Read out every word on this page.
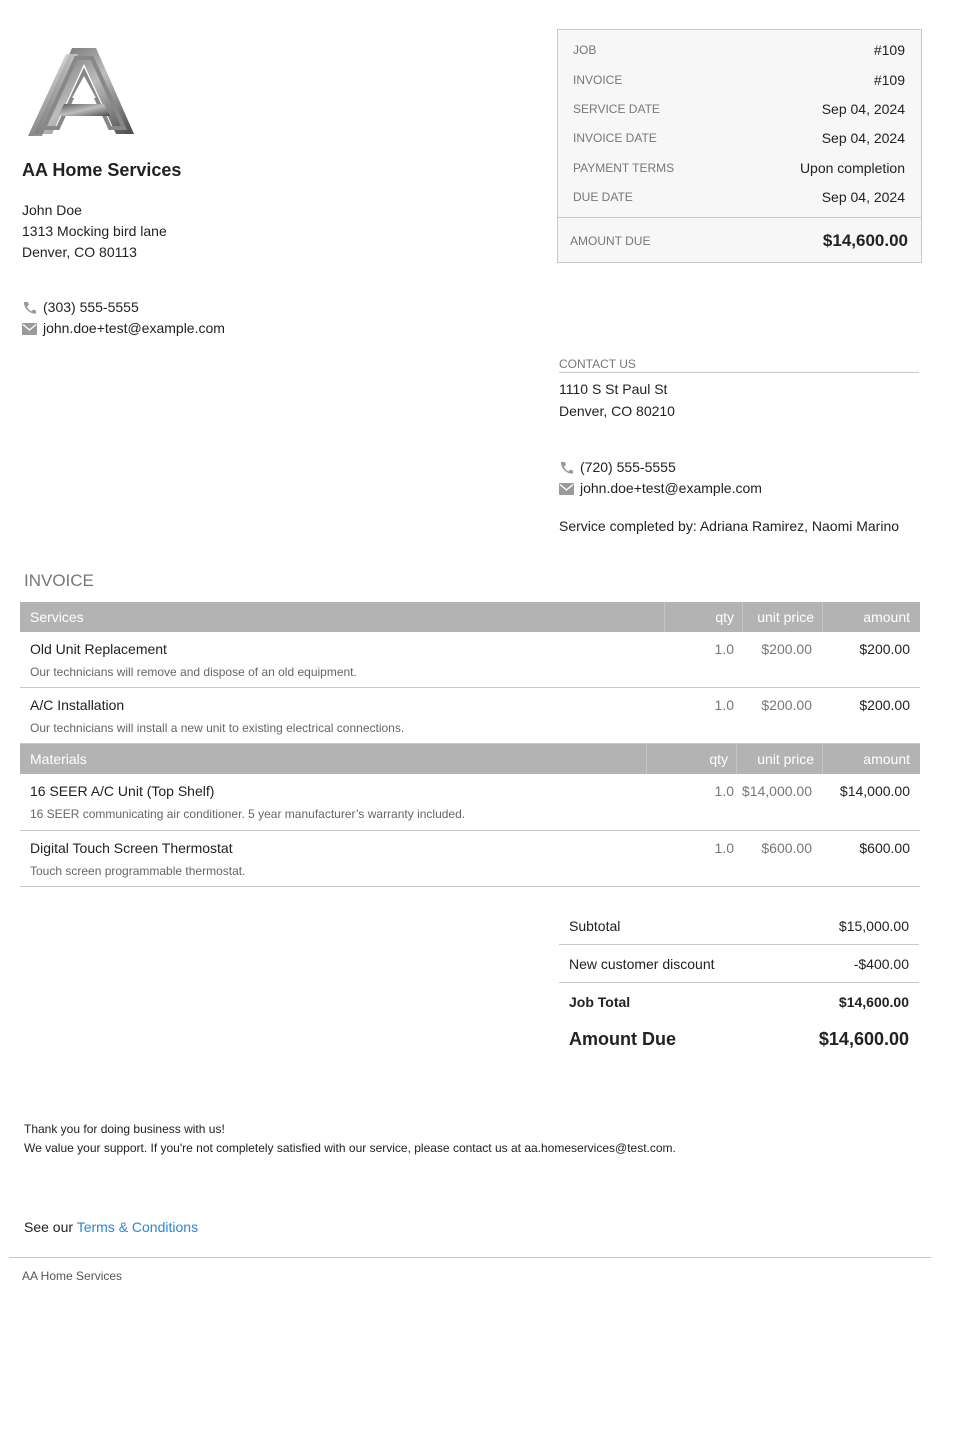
AA Home Services
John Doe
1313 Mocking bird lane
Denver, CO 80113
(303) 555-5555
john.doe+test@example.com
JOB	#109
INVOICE	#109
SERVICE DATE	Sep 04, 2024
INVOICE DATE	Sep 04, 2024
PAYMENT TERMS	Upon completion
DUE DATE	Sep 04, 2024
AMOUNT DUE	$14,600.00
CONTACT US
1110 S St Paul St
Denver, CO 80210
(720) 555-5555
john.doe+test@example.com
Service completed by: Adriana Ramirez, Naomi Marino
INVOICE
Services	qty	unit price	amount
Old Unit Replacement
Our technicians will remove and dispose of an old equipment.
1.0 $200.00	$200.00
A/C Installation
Our technicians will install a new unit to existing electrical connections.
1.0 $200.00	$200.00
Materials	qty	unit price	amount
16 SEER A/C Unit (Top Shelf)
16 SEER communicating air conditioner. 5 year manufacturer’s warranty included.
1.0 $14,000.00 $14,000.00
Digital Touch Screen Thermostat
Touch screen programmable thermostat.
1.0 $600.00	$600.00
Subtotal	$15,000.00
New customer discount	-$400.00
Job Total	$14,600.00
Amount Due	$14,600.00
Thank you for doing business with us!
We value your support. If you're not completely satisfied with our service, please contact us at aa.homeservices@test.com.
See our Terms & Conditions
AA Home Services
